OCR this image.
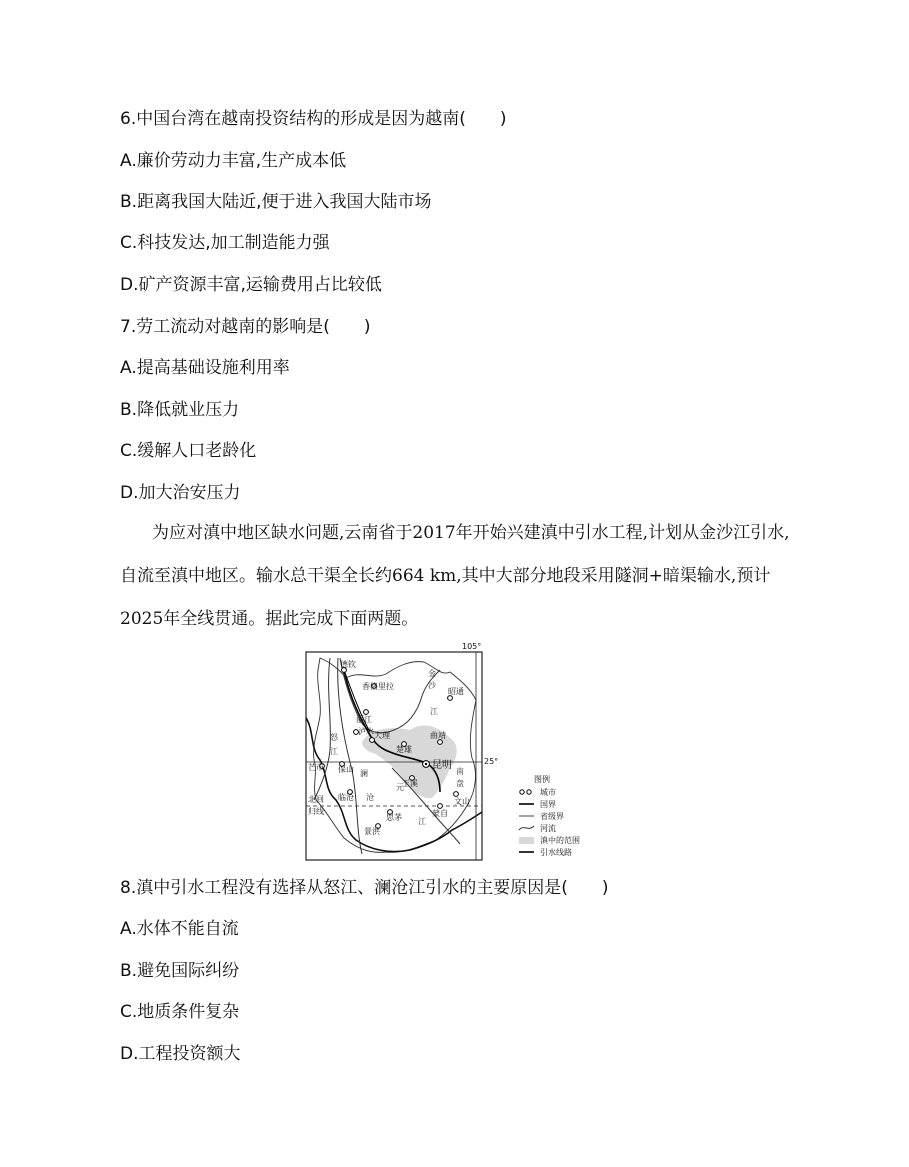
6.中国台湾在越南投资结构的形成是因为越南(　　)
A.廉价劳动力丰富,生产成本低
B.距离我国大陆近,便于进入我国大陆市场
C.科技发达,加工制造能力强
D.矿产资源丰富,运输费用占比较低
7.劳工流动对越南的影响是(　　)
A.提高基础设施利用率
B.降低就业压力
C.缓解人口老龄化
D.加大治安压力
为应对滇中地区缺水问题,云南省于2017年开始兴建滇中引水工程,计划从金沙江引水,自流至滇中地区。输水总干渠全长约664 km,其中大部分地段采用隧洞+暗渠输水,预计2025年全线贯通。据此完成下面两题。
德钦
香格里拉
丽江
大理
楚雄
昆明
曲靖
昭通
玉溪
保山
临沧
思茅
景洪
蒙自
文山
泸水
芒市
金
沙
江
怒
江
澜
沧
元
江
南
盘
北回
归线
105°
25°
图例
城市
国界
省级界
河流
滇中的范围
引水线路
8.滇中引水工程没有选择从怒江、澜沧江引水的主要原因是(　　)
A.水体不能自流
B.避免国际纠纷
C.地质条件复杂
D.工程投资额大
